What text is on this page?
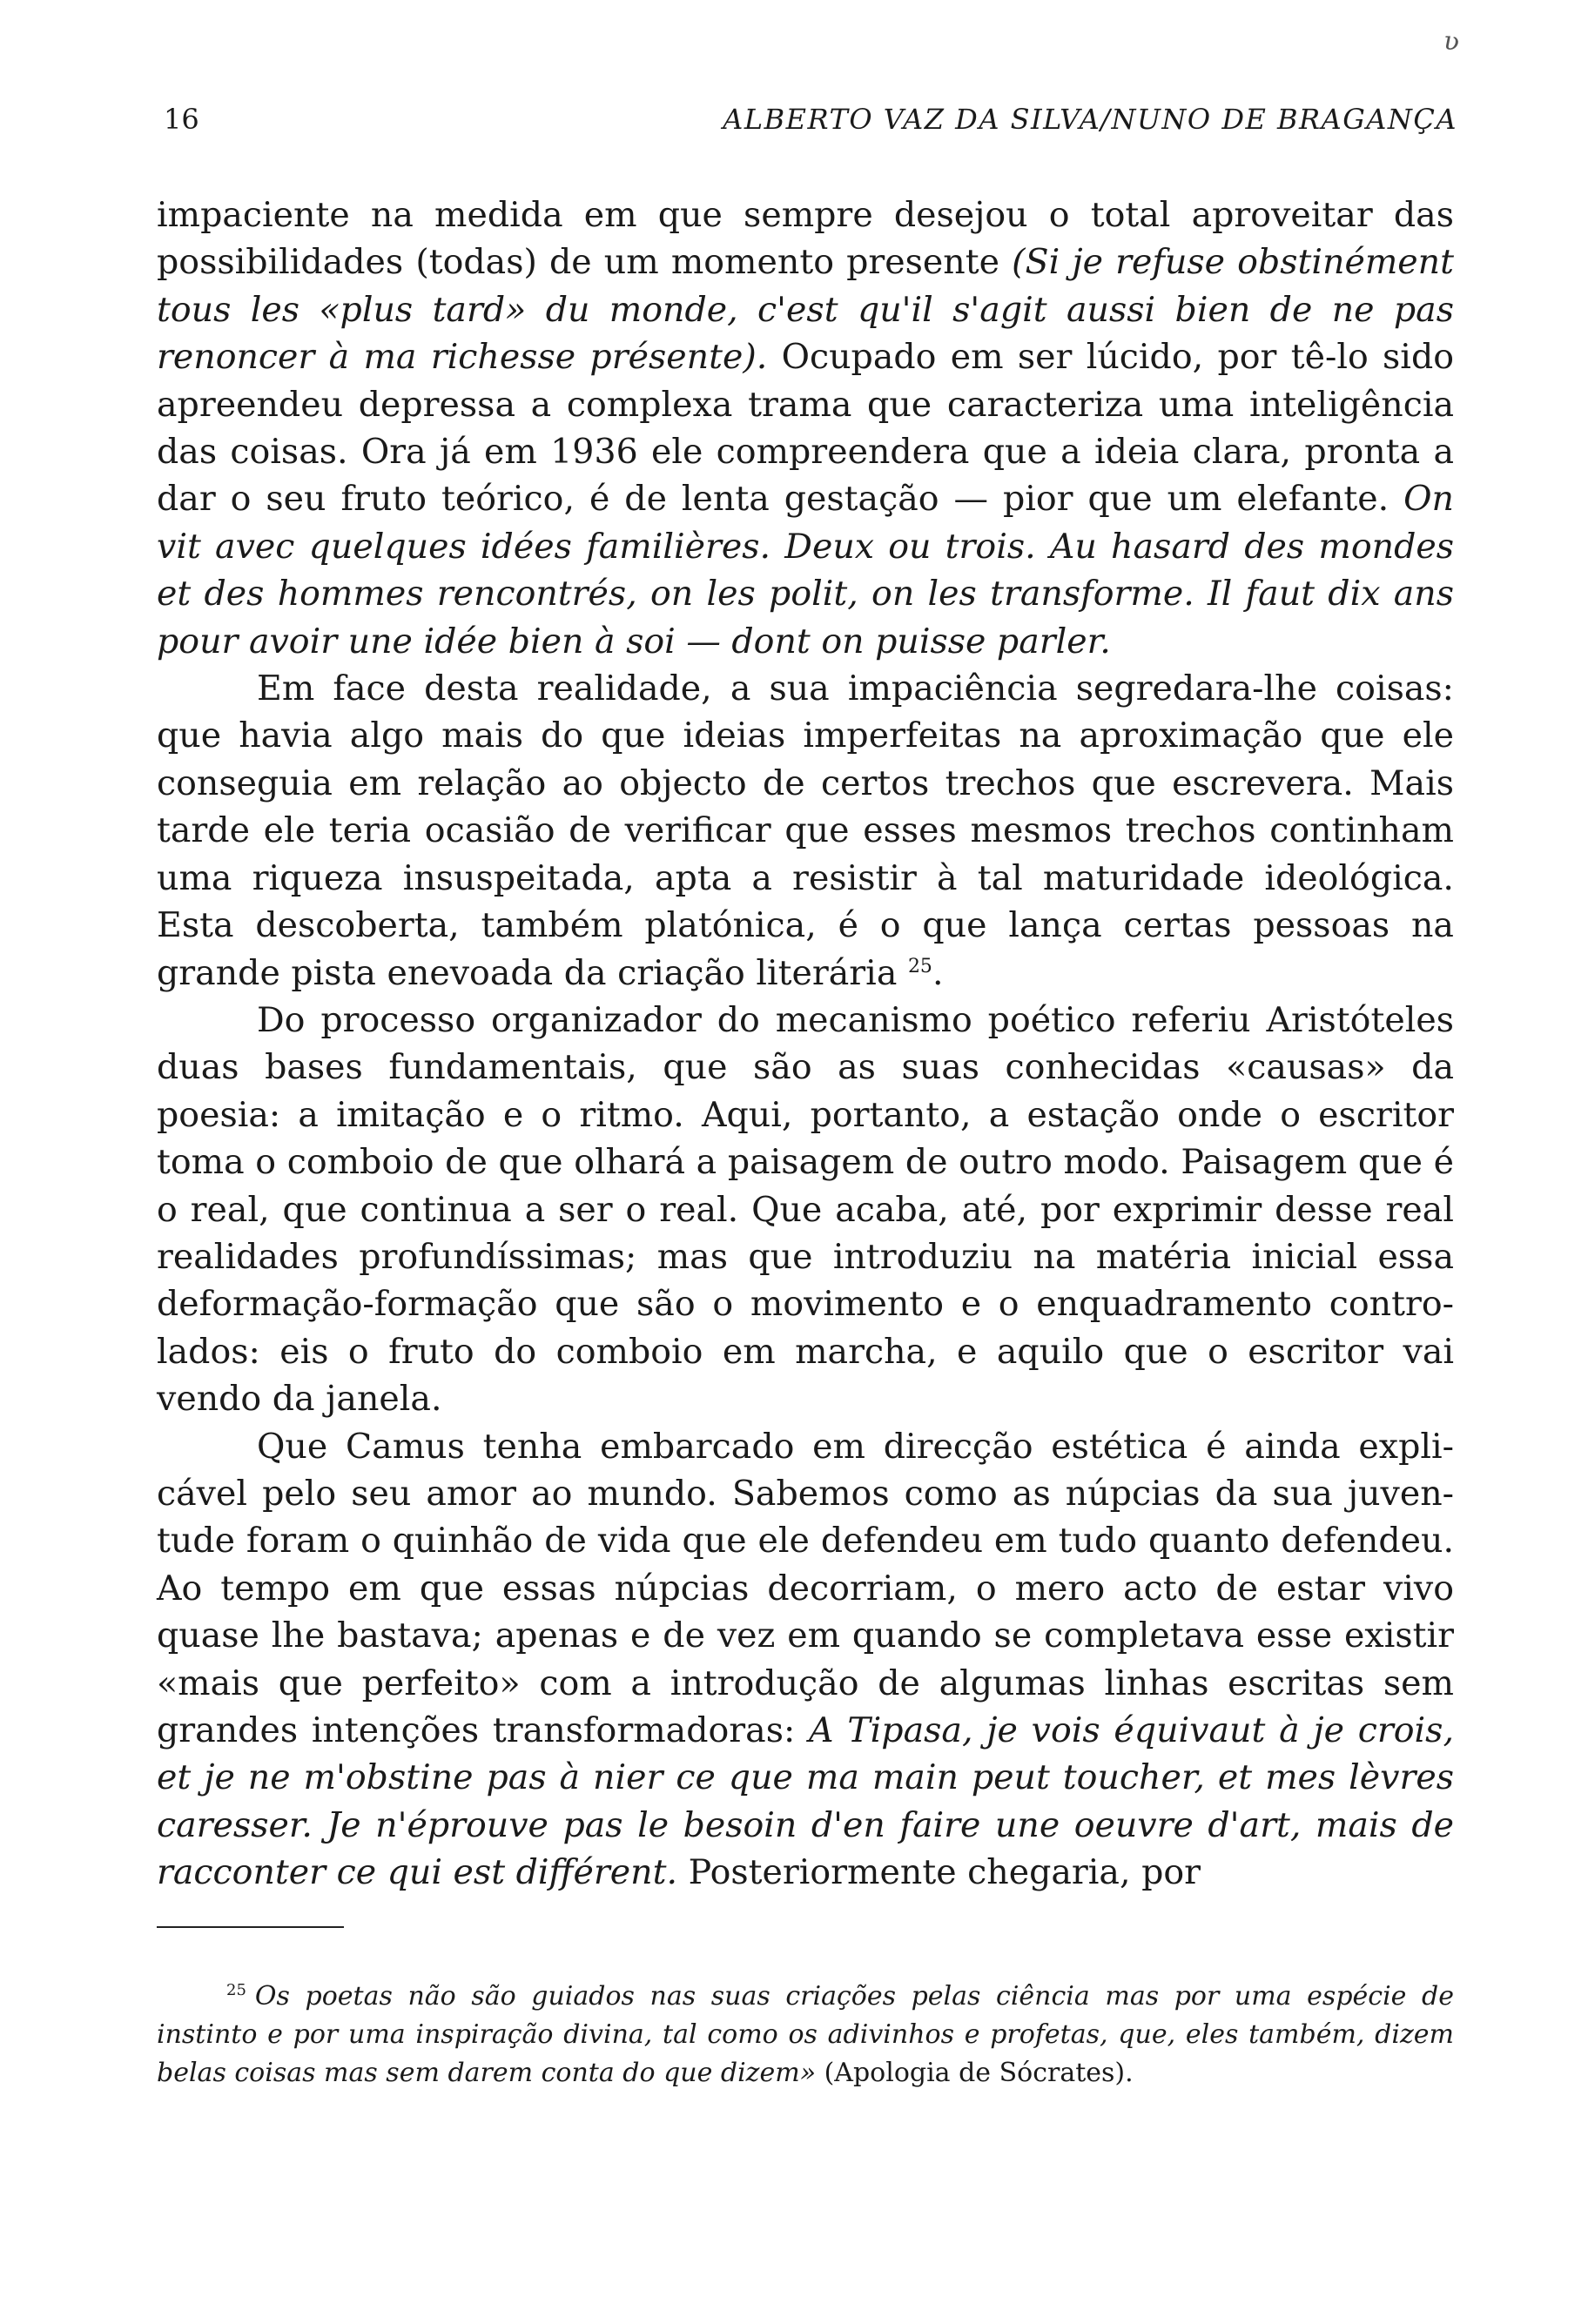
ʋ
16	ALBERTO VAZ DA SILVA/NUNO DE BRAGANÇA

impaciente na medida em que sempre desejou o total aproveitar das possibilidades (todas) de um momento presente (Si je refuse obstinément tous les «plus tard» du monde, c'est qu'il s'agit aussi bien de ne pas renoncer à ma richesse présente). Ocupado em ser lúcido, por tê-lo sido apreendeu depressa a complexa trama que caracteriza uma inteligência das coisas. Ora já em 1936 ele compreendera que a ideia clara, pronta a dar o seu fruto teórico, é de lenta gestação — pior que um elefante. On vit avec quelques idées familières. Deux ou trois. Au hasard des mondes et des hommes rencontrés, on les polit, on les transforme. Il faut dix ans pour avoir une idée bien à soi — dont on puisse parler.

Em face desta realidade, a sua impaciência segredara-lhe coisas: que havia algo mais do que ideias imperfeitas na aproximação que ele conseguia em relação ao objecto de certos trechos que escrevera. Mais tarde ele teria ocasião de verificar que esses mesmos trechos continham uma riqueza insuspeitada, apta a resistir à tal maturidade ideológica. Esta descoberta, também platónica, é o que lança certas pessoas na grande pista enevoada da criação literária $^{25}$.

Do processo organizador do mecanismo poético referiu Aristóteles duas bases fundamentais, que são as suas conhecidas «causas» da poesia: a imitação e o ritmo. Aqui, portanto, a estação onde o escritor toma o comboio de que olhará a paisagem de outro modo. Paisagem que é o real, que continua a ser o real. Que acaba, até, por exprimir desse real realidades profundíssimas; mas que introduziu na matéria inicial essa deformação-formação que são o movimento e o enquadramento controlados: eis o fruto do comboio em marcha, e aquilo que o escritor vai vendo da janela.

Que Camus tenha embarcado em direcção estética é ainda explicável pelo seu amor ao mundo. Sabemos como as núpcias da sua juventude foram o quinhão de vida que ele defendeu em tudo quanto defendeu. Ao tempo em que essas núpcias decorriam, o mero acto de estar vivo quase lhe bastava; apenas e de vez em quando se completava esse existir «mais que perfeito» com a introdução de algumas linhas escritas sem grandes intenções transformadoras: A Tipasa, je vois équivaut à je crois, et je ne m'obstine pas à nier ce que ma main peut toucher, et mes lèvres caresser. Je n'éprouve pas le besoin d'en faire une oeuvre d'art, mais de racconter ce qui est différent. Posteriormente chegaria, por

$^{25}$ Os poetas não são guiados nas suas criações pelas ciência mas por uma espécie de instinto e por uma inspiração divina, tal como os adivinhos e profetas, que, eles também, dizem belas coisas mas sem darem conta do que dizem» (Apologia de Sócrates).
